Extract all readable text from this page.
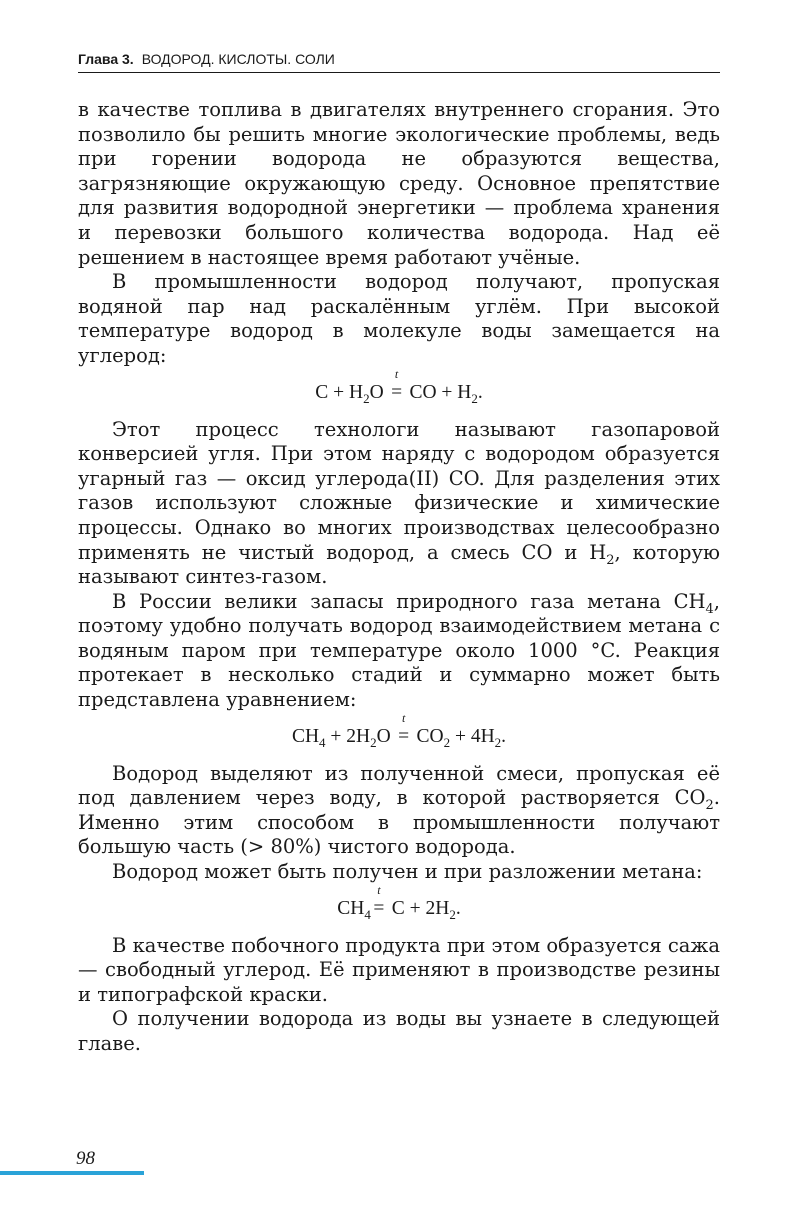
Глава 3. ВОДОРОД. КИСЛОТЫ. СОЛИ

в качестве топлива в двигателях внутреннего сгорания. Это позволило бы решить многие экологические проблемы, ведь при горении водорода не образуются вещества, загрязняющие окружающую среду. Основное препятствие для развития водородной энергетики — проблема хранения и перевозки большого количества водорода. Над её решением в настоящее время работают учёные.

В промышленности водород получают, пропуская водяной пар над раскалённым углём. При высокой температуре водород в молекуле воды замещается на углерод:

$C + H_2O$
t
= CO + $H_2$.

Этот процесс технологи называют газопаровой конверсией угля. При этом наряду с водородом образуется угарный газ — оксид углерода(II) CO. Для разделения этих газов используют сложные физические и химические процессы. Однако во многих производствах целесообразно применять не чистый водород, а смесь CO и $H_2$, которую называют синтез-газом.

В России велики запасы природного газа метана $CH_4$, поэтому удобно получать водород взаимодействием метана с водяным паром при температуре около 1000 °C. Реакция протекает в несколько стадий и суммарно может быть представлена уравнением:

$CH_4 + 2H_2O$
t
= $CO_2 + 4H_2$.

Водород выделяют из полученной смеси, пропуская её под давлением через воду, в которой растворяется $CO_2$. Именно этим способом в промышленности получают большую часть (> 80%) чистого водорода.

Водород может быть получен и при разложении метана:

$CH_4$
t
= $C + 2H_2$.

В качестве побочного продукта при этом образуется сажа — свободный углерод. Её применяют в производстве резины и типографской краски.

О получении водорода из воды вы узнаете в следующей главе.

98
